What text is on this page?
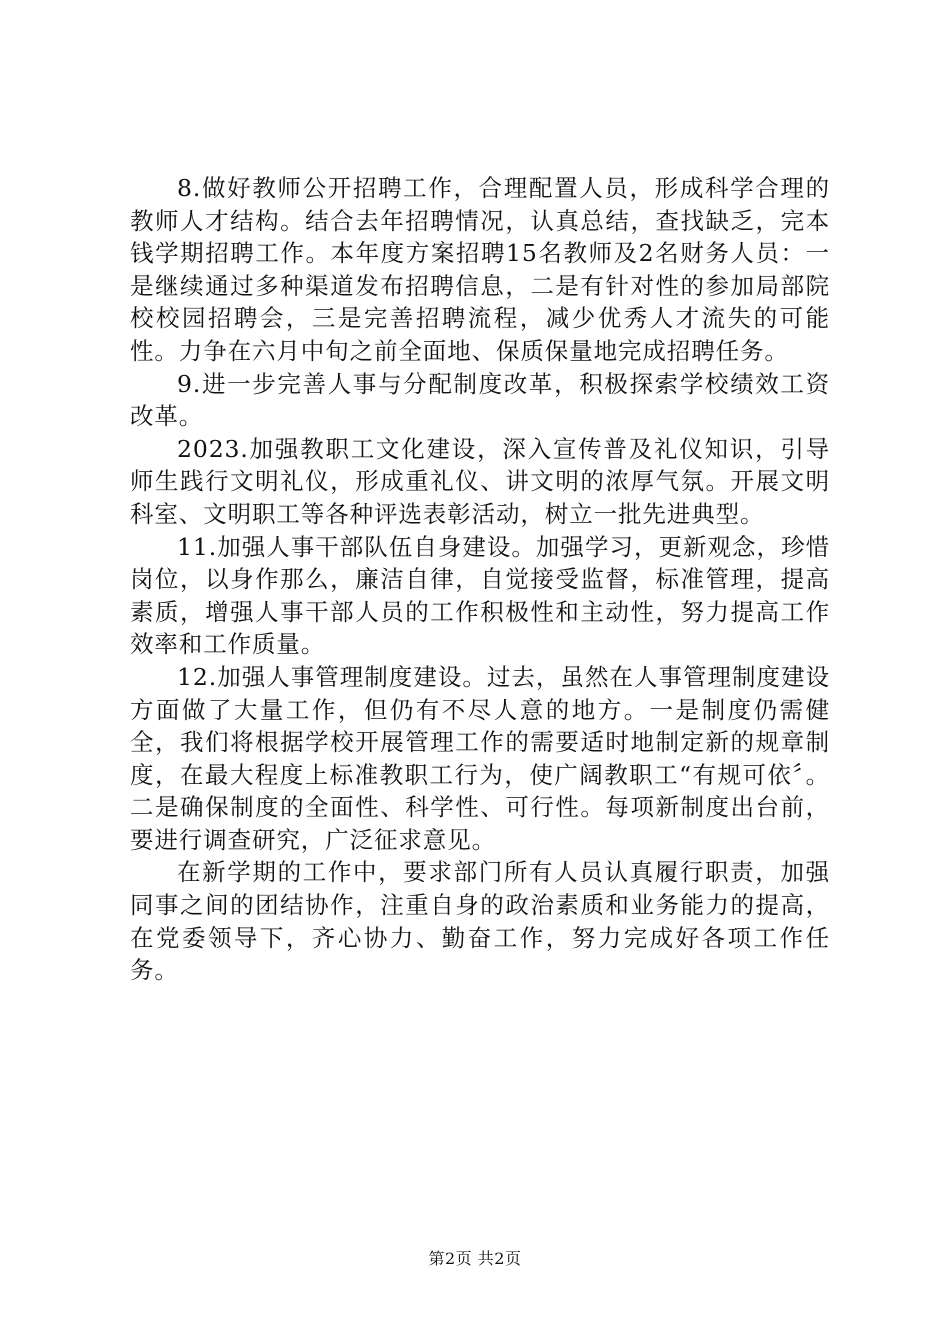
8.做好教师公开招聘工作，合理配置人员，形成科学合理的教师人才结构。结合去年招聘情况，认真总结，查找缺乏，完本钱学期招聘工作。本年度方案招聘15名教师及2名财务人员：一是继续通过多种渠道发布招聘信息，二是有针对性的参加局部院校校园招聘会，三是完善招聘流程，减少优秀人才流失的可能性。力争在六月中旬之前全面地、保质保量地完成招聘任务。

9.进一步完善人事与分配制度改革，积极探索学校绩效工资改革。

2023.加强教职工文化建设，深入宣传普及礼仪知识，引导师生践行文明礼仪，形成重礼仪、讲文明的浓厚气氛。开展文明科室、文明职工等各种评选表彰活动，树立一批先进典型。

11.加强人事干部队伍自身建设。加强学习，更新观念，珍惜岗位，以身作那么，廉洁自律，自觉接受监督，标准管理，提高素质，增强人事干部人员的工作积极性和主动性，努力提高工作效率和工作质量。

12.加强人事管理制度建设。过去，虽然在人事管理制度建设方面做了大量工作，但仍有不尽人意的地方。一是制度仍需健全，我们将根据学校开展管理工作的需要适时地制定新的规章制度，在最大程度上标准教职工行为，使广阔教职工“有规可依〞。二是确保制度的全面性、科学性、可行性。每项新制度出台前，要进行调查研究，广泛征求意见。

在新学期的工作中，要求部门所有人员认真履行职责，加强同事之间的团结协作，注重自身的政治素质和业务能力的提高，在党委领导下，齐心协力、勤奋工作，努力完成好各项工作任务。

第2页 共2页
